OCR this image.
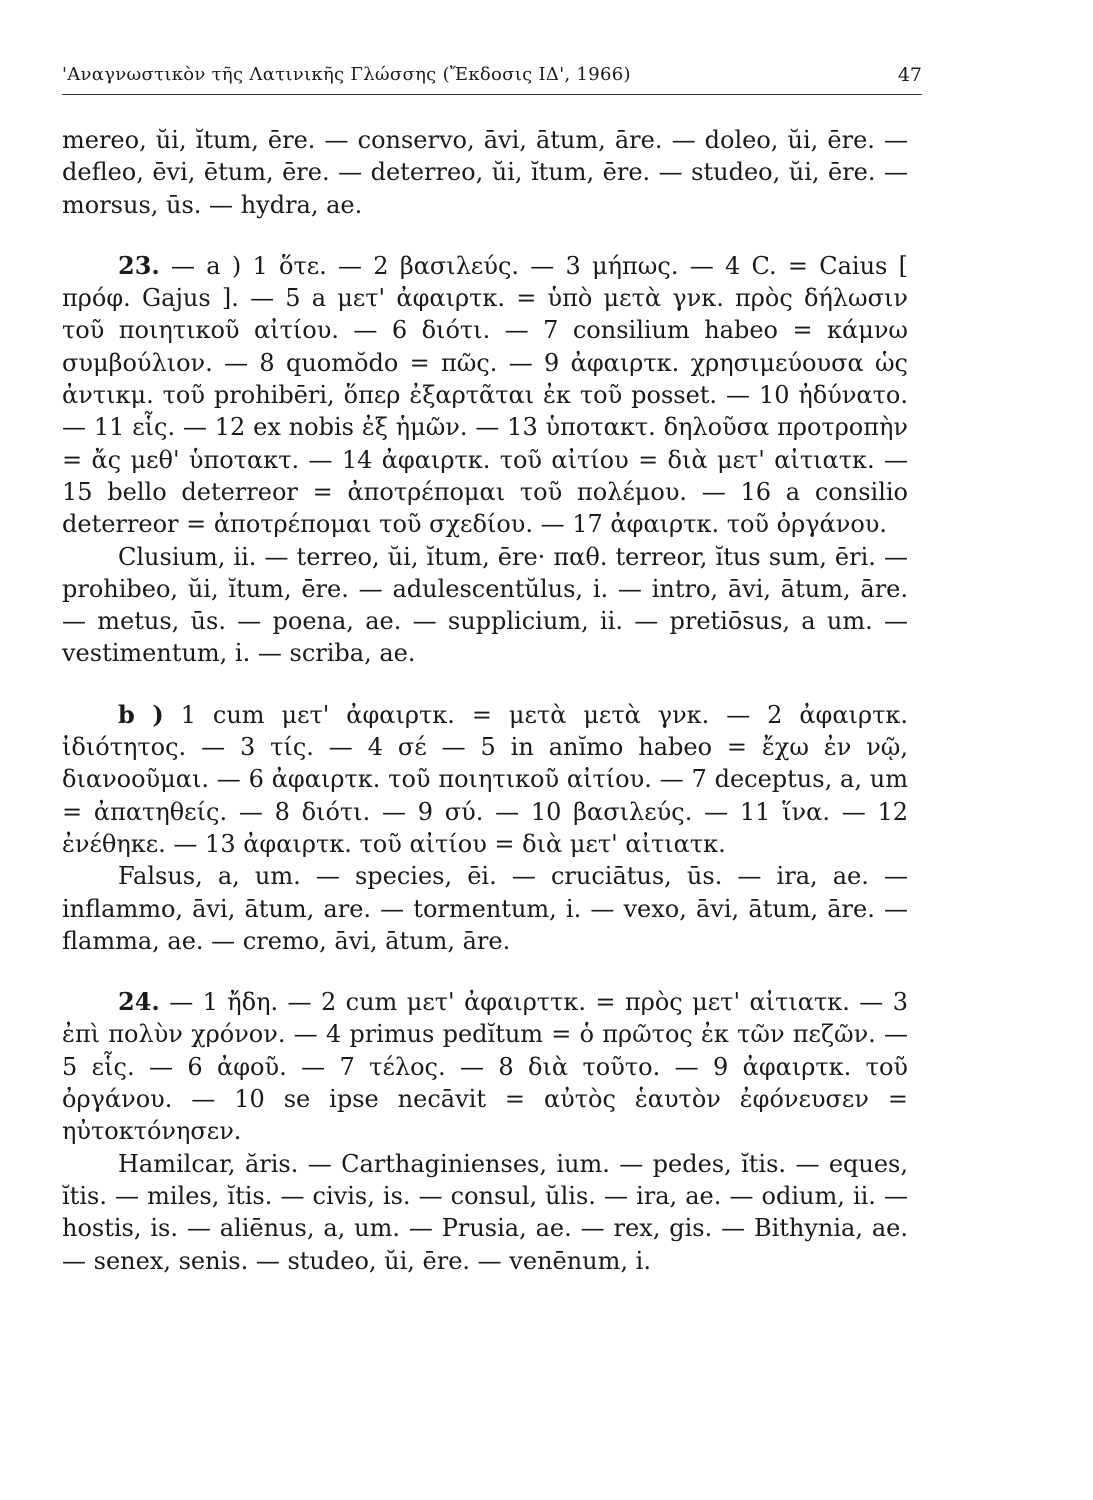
'Αναγνωστικὸν τῆς Λατινικῆς Γλώσσης (Ἔκδοσις ΙΔ', 1966)	47

mereo, ŭi, ĭtum, ēre. — conservo, āvi, ātum, āre. — doleo, ŭi, ēre. — defleo, ēvi, ētum, ēre. — deterreo, ŭi, ĭtum, ēre. — studeo, ŭi, ēre. — morsus, ūs. — hydra, ae.

23. — a ) 1 ὅτε. — 2 βασιλεύς. — 3 μήπως. — 4 C. = Caius [ πρόφ. Gajus ]. — 5 a μετ' ἀφαιρτκ. = ὑπὸ μετὰ γνκ. πρὸς δήλωσιν τοῦ ποιητικοῦ αἰτίου. — 6 διότι. — 7 consilium habeo = κάμνω συμβούλιον. — 8 quomŏdo = πῶς. — 9 ἀφαιρτκ. χρησιμεύουσα ὡς ἀντικμ. τοῦ prohibēri, ὅπερ ἐξαρτᾶται ἐκ τοῦ posset. — 10 ἠδύνατο. — 11 εἷς. — 12 ex nobis ἐξ ἡμῶν. — 13 ὑποτακτ. δηλοῦσα προτροπὴν = ἄς μεθ' ὑποτακτ. — 14 ἀφαιρτκ. τοῦ αἰτίου = διὰ μετ' αἰτιατκ. — 15 bello deterreor = ἀποτρέπομαι τοῦ πολέμου. — 16 a consilio deterreor = ἀποτρέπομαι τοῦ σχεδίου. — 17 ἀφαιρτκ. τοῦ ὀργάνου.

Clusium, ii. — terreo, ŭi, ĭtum, ēre· παθ. terreor, ĭtus sum, ēri. — prohibeo, ŭi, ĭtum, ēre. — adulescentŭlus, i. — intro, āvi, ātum, āre. — metus, ūs. — poena, ae. — supplicium, ii. — pretiōsus, a um. — vestimentum, i. — scriba, ae.

b ) 1 cum μετ' ἀφαιρτκ. = μετὰ μετὰ γνκ. — 2 ἀφαιρτκ. ἰδιότητος. — 3 τίς. — 4 σέ — 5 in anĭmo habeo = ἔχω ἐν νῷ, διανοοῦμαι. — 6 ἀφαιρτκ. τοῦ ποιητικοῦ αἰτίου. — 7 deceptus, a, um = ἀπατηθείς. — 8 διότι. — 9 σύ. — 10 βασιλεύς. — 11 ἵνα. — 12 ἐνέθηκε. — 13 ἀφαιρτκ. τοῦ αἰτίου = διὰ μετ' αἰτιατκ.

Falsus, a, um. — species, ēi. — cruciātus, ūs. — ira, ae. — inflammo, āvi, ātum, are. — tormentum, i. — vexo, āvi, ātum, āre. — flamma, ae. — cremo, āvi, ātum, āre.

24. — 1 ἤδη. — 2 cum μετ' ἀφαιρττκ. = πρὸς μετ' αἰτιατκ. — 3 ἐπὶ πολὺν χρόνον. — 4 primus pedĭtum = ὁ πρῶτος ἐκ τῶν πεζῶν. — 5 εἷς. — 6 ἀφοῦ. — 7 τέλος. — 8 διὰ τοῦτο. — 9 ἀφαιρτκ. τοῦ ὀργάνου. — 10 se ipse necāvit = αὐτὸς ἑαυτὸν ἐφόνευσεν = ηὐτοκτόνησεν.

Hamilcar, ăris. — Carthaginienses, ium. — pedes, ĭtis. — eques, ĭtis. — miles, ĭtis. — civis, is. — consul, ŭlis. — ira, ae. — odium, ii. — hostis, is. — aliēnus, a, um. — Prusia, ae. — rex, gis. — Bithynia, ae. — senex, senis. — studeo, ŭi, ēre. — venēnum, i.
